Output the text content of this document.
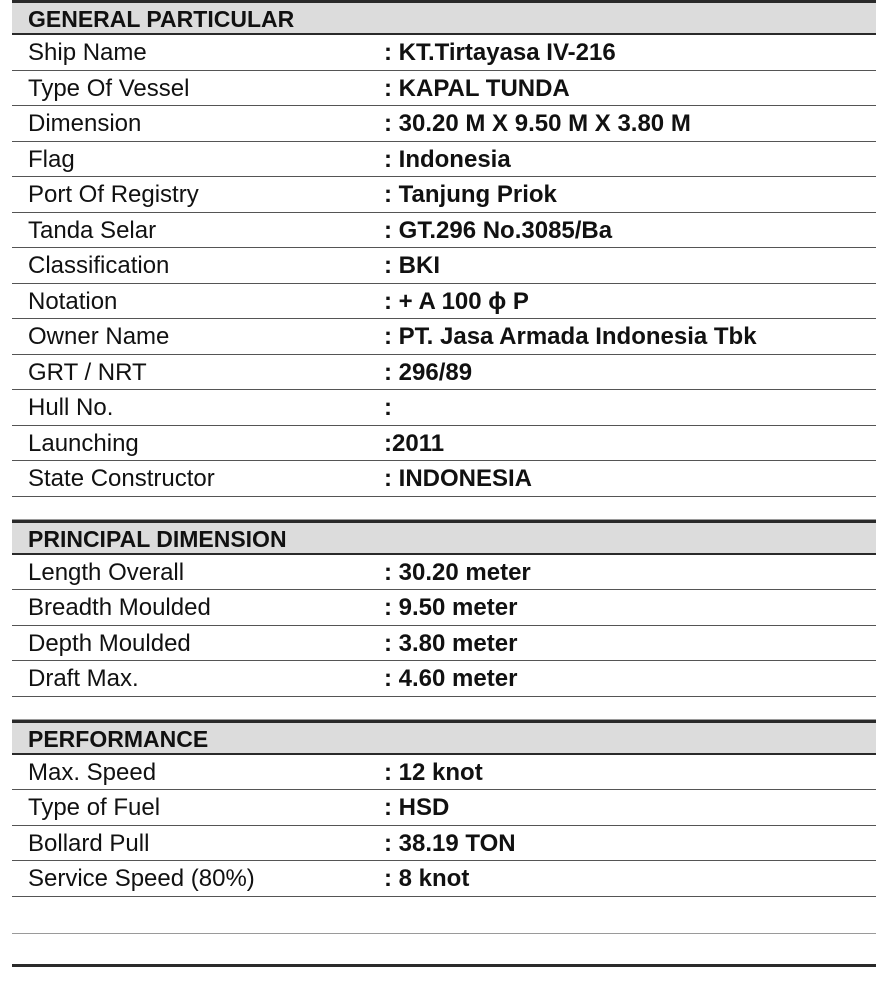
GENERAL PARTICULAR
Ship Name	: KT.Tirtayasa IV-216
Type Of Vessel	: KAPAL TUNDA
Dimension	: 30.20 M X 9.50 M X 3.80 M
Flag	: Indonesia
Port Of Registry	: Tanjung Priok
Tanda Selar	: GT.296 No.3085/Ba
Classification	: BKI
Notation	: + A 100 ϕ P
Owner Name	: PT. Jasa Armada Indonesia Tbk
GRT / NRT	: 296/89
Hull No.	:
Launching	:2011
State Constructor	: INDONESIA
PRINCIPAL DIMENSION
Length Overall	: 30.20 meter
Breadth Moulded	: 9.50 meter
Depth Moulded	: 3.80 meter
Draft Max.	: 4.60 meter
PERFORMANCE
Max. Speed	: 12 knot
Type of Fuel	: HSD
Bollard Pull	: 38.19 TON
Service Speed (80%)	: 8 knot
